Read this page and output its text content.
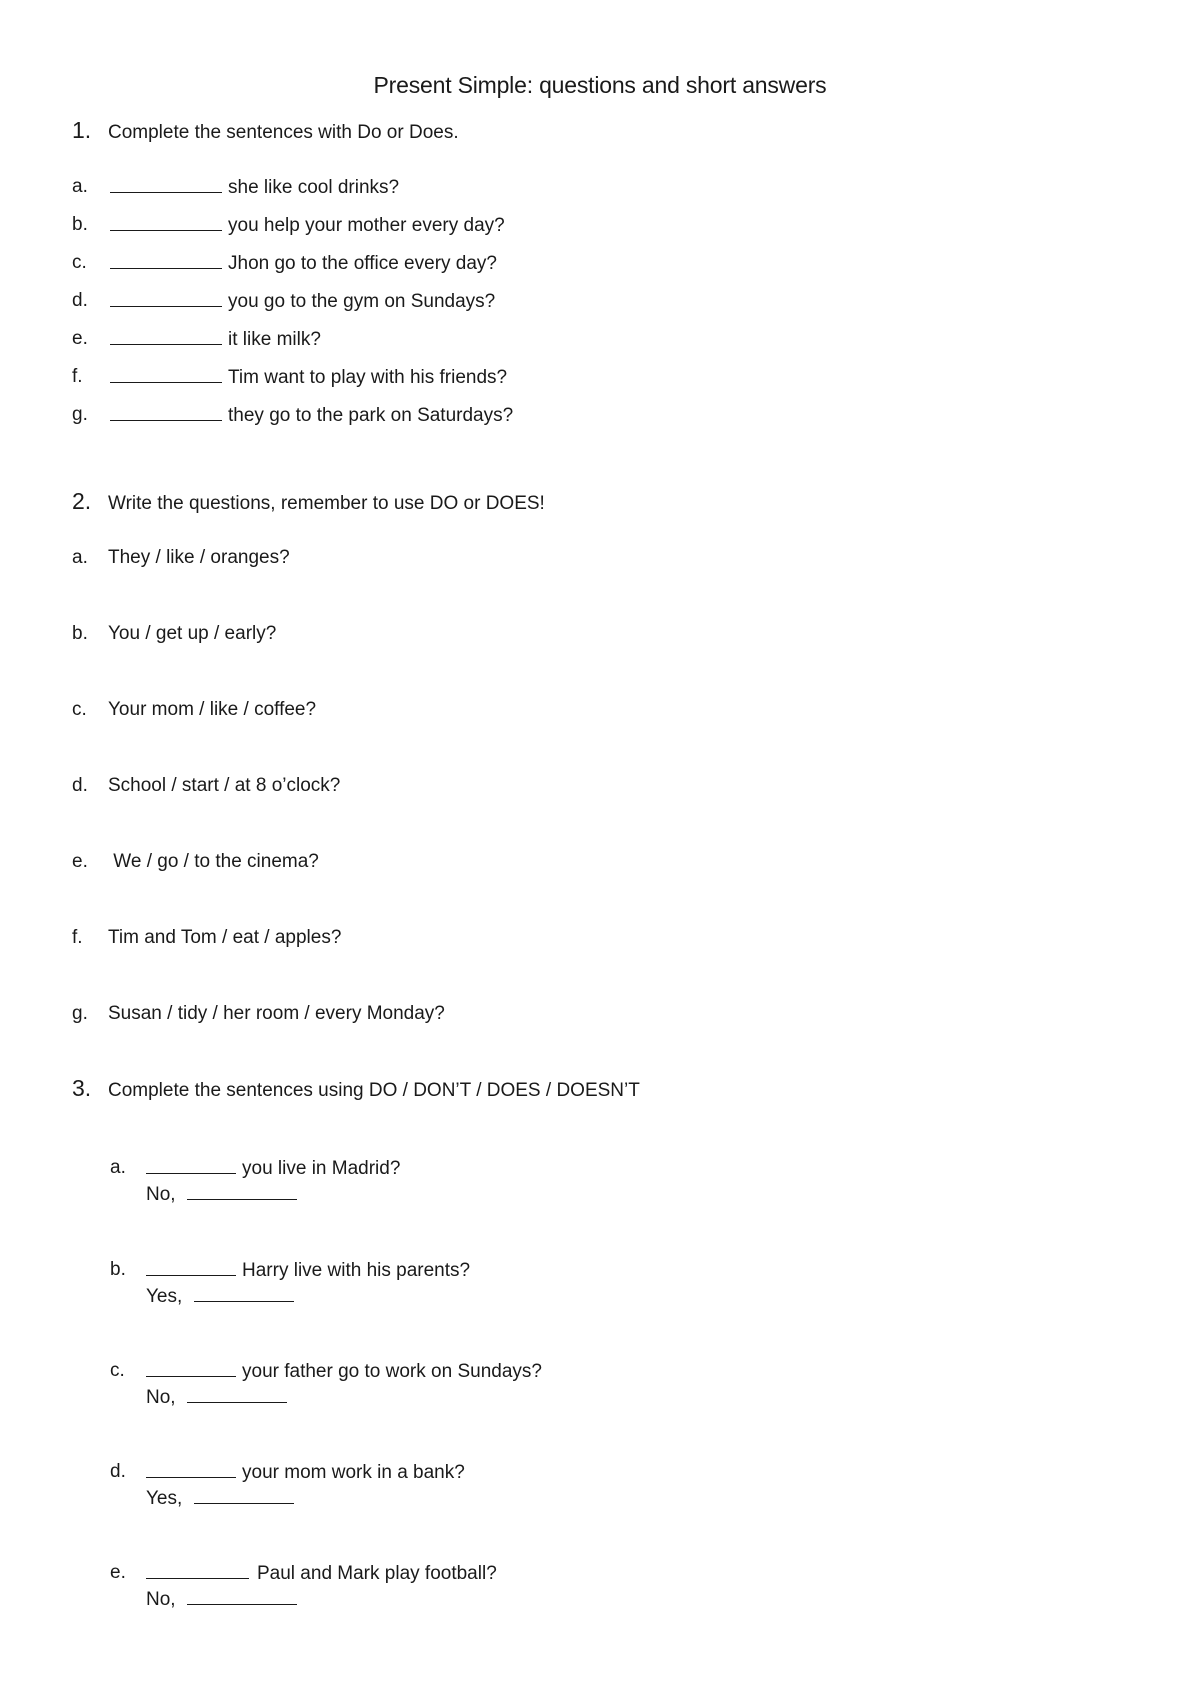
Present Simple: questions and short answers
1. Complete the sentences with Do or Does.
a.	she like cool drinks?
b.	you help your mother every day?
c.	Jhon go to the office every day?
d.	you go to the gym on Sundays?
e.	it like milk?
f.	Tim want to play with his friends?
g.	they go to the park on Saturdays?
2. Write the questions, remember to use DO or DOES!
a. They / like / oranges?
b. You / get up / early?
c. Your mom / like / coffee?
d. School / start / at 8 o’clock?
e. We / go / to the cinema?
f. Tim and Tom / eat / apples?
g. Susan / tidy / her room / every Monday?
3. Complete the sentences using DO / DON’T / DOES / DOESN’T
a.	you live in Madrid?
No,
b.	Harry live with his parents?
Yes,
c.	your father go to work on Sundays?
No,
d.	your mom work in a bank?
Yes,
e.	Paul and Mark play football?
No,
